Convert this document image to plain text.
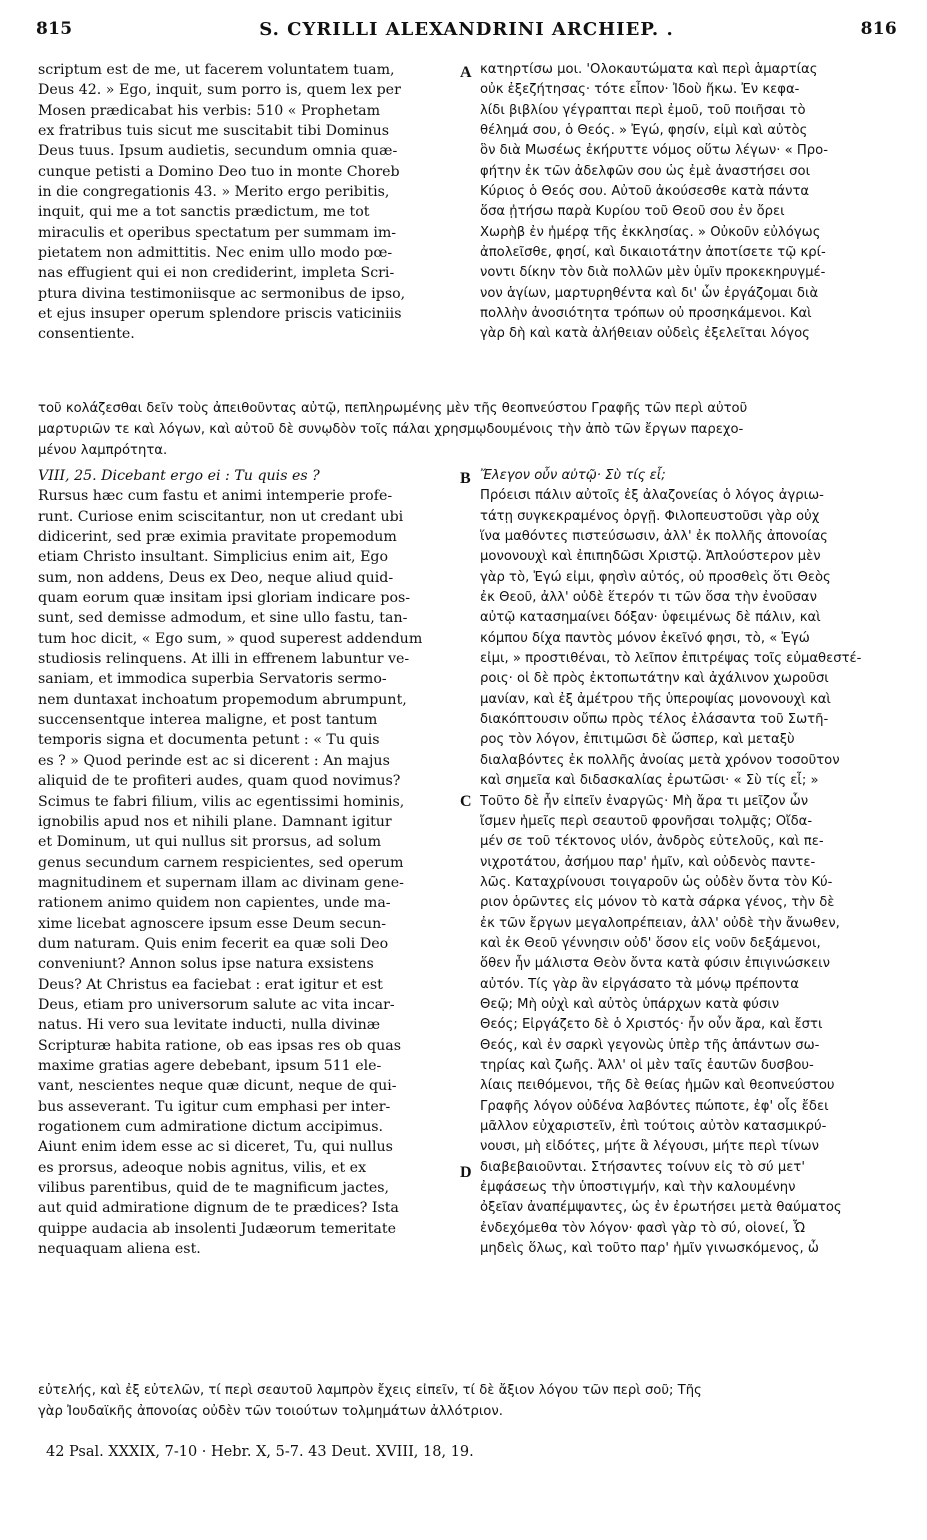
815	S. CYRILLI ALEXANDRINI ARCHIEP. .	816
scriptum est de me, ut facerem voluntatem tuam,
Deus 42. » Ego, inquit, sum porro is, quem lex per
Mosen prædicabat his verbis: 510 « Prophetam
ex fratribus tuis sicut me suscitabit tibi Dominus
Deus tuus. Ipsum audietis, secundum omnia quæ-
cunque petisti a Domino Deo tuo in monte Choreb
in die congregationis 43. » Merito ergo peribitis,
inquit, qui me a tot sanctis prædictum, me tot
miraculis et operibus spectatum per summam im-
pietatem non admittitis. Nec enim ullo modo pœ-
nas effugient qui ei non crediderint, impleta Scri-
ptura divina testimoniisque ac sermonibus de ipso,
et ejus insuper operum splendore priscis vaticiniis
consentiente.
κατηρτίσω μοι. 'Ολοκαυτώματα καὶ περὶ ἁμαρτίας
οὐκ ἐξεζήτησας· τότε εἶπον· Ἰδοὺ ἥκω. Ἐν κεφα-
λίδι βιβλίου γέγραπται περὶ ἐμοῦ, τοῦ ποιῆσαι τὸ
θέλημά σου, ὁ Θεός. » Ἐγώ, φησίν, εἰμὶ καὶ αὐτὸς
ὃν διὰ Μωσέως ἐκήρυττε νόμος οὕτω λέγων· « Προ-
φήτην ἐκ τῶν ἀδελφῶν σου ὡς ἐμὲ ἀναστήσει σοι
Κύριος ὁ Θεός σου. Αὐτοῦ ἀκούσεσθε κατὰ πάντα
ὅσα ᾐτήσω παρὰ Κυρίου τοῦ Θεοῦ σου ἐν ὄρει
Χωρὴβ ἐν ἡμέρᾳ τῆς ἐκκλησίας. » Οὐκοῦν εὐλόγως
ἀπολεῖσθε, φησί, καὶ δικαιοτάτην ἀποτίσετε τῷ κρί-
νοντι δίκην τὸν διὰ πολλῶν μὲν ὑμῖν προκεκηρυγμέ-
νον ἁγίων, μαρτυρηθέντα καὶ δι' ὧν ἐργάζομαι διὰ
πολλὴν ἀνοσιότητα τρόπων οὐ προσηκάμενοι. Καὶ
γὰρ δὴ καὶ κατὰ ἀλήθειαν οὐδεὶς ἐξελεῖται λόγος
τοῦ κολάζεσθαι δεῖν τοὺς ἀπειθοῦντας αὐτῷ, πεπληρωμένης μὲν τῆς θεοπνεύστου Γραφῆς τῶν περὶ αὐτοῦ
μαρτυριῶν τε καὶ λόγων, καὶ αὐτοῦ δὲ συνῳδὸν τοῖς πάλαι χρησμῳδουμένοις τὴν ἀπὸ τῶν ἔργων παρεχο-
μένου λαμπρότητα.
VIII, 25. Dicebant ergo ei : Tu quis es ?
Rursus hæc cum fastu et animi intemperie profe-
runt. Curiose enim sciscitantur, non ut credant ubi
didicerint, sed præ eximia pravitate propemodum
etiam Christo insultant. Simplicius enim ait, Ego
sum, non addens, Deus ex Deo, neque aliud quid-
quam eorum quæ insitam ipsi gloriam indicare pos-
sunt, sed demisse admodum, et sine ullo fastu, tan-
tum hoc dicit, « Ego sum, » quod superest addendum
studiosis relinquens. At illi in effrenem labuntur ve-
saniam, et immodica superbia Servatoris sermo-
nem duntaxat inchoatum propemodum abrumpunt,
succensentque interea maligne, et post tantum
temporis signa et documenta petunt : « Tu quis
es ? » Quod perinde est ac si dicerent : An majus
aliquid de te profiteri audes, quam quod novimus?
Scimus te fabri filium, vilis ac egentissimi hominis,
ignobilis apud nos et nihili plane. Damnant igitur
et Dominum, ut qui nullus sit prorsus, ad solum
genus secundum carnem respicientes, sed operum
magnitudinem et supernam illam ac divinam gene-
rationem animo quidem non capientes, unde ma-
xime licebat agnoscere ipsum esse Deum secun-
dum naturam. Quis enim fecerit ea quæ soli Deo
conveniunt? Annon solus ipse natura exsistens
Deus? At Christus ea faciebat : erat igitur et est
Deus, etiam pro universorum salute ac vita incar-
natus. Hi vero sua levitate inducti, nulla divinæ
Scripturæ habita ratione, ob eas ipsas res ob quas
maxime gratias agere debebant, ipsum 511 ele-
vant, nescientes neque quæ dicunt, neque de qui-
bus asseverant. Tu igitur cum emphasi per inter-
rogationem cum admiratione dictum accipimus.
Aiunt enim idem esse ac si diceret, Tu, qui nullus
es prorsus, adeoque nobis agnitus, vilis, et ex
vilibus parentibus, quid de te magnificum jactes,
aut quid admiratione dignum de te prædices? Ista
quippe audacia ab insolenti Judæorum temeritate
nequaquam aliena est.
Ἔλεγον οὖν αὐτῷ· Σὺ τίς εἶ;
Πρόεισι πάλιν αὐτοῖς ἐξ ἀλαζονείας ὁ λόγος ἀγριω-
τάτῃ συγκεκραμένος ὀργῇ. Φιλοπευστοῦσι γὰρ οὐχ
ἵνα μαθόντες πιστεύσωσιν, ἀλλ' ἐκ πολλῆς ἀπονοίας
μονονουχὶ καὶ ἐπιπηδῶσι Χριστῷ. Ἁπλούστερον μὲν
γὰρ τὸ, Ἐγώ εἰμι, φησὶν αὐτός, οὐ προσθεὶς ὅτι Θεὸς
ἐκ Θεοῦ, ἀλλ' οὐδὲ ἕτερόν τι τῶν ὅσα τὴν ἐνοῦσαν
αὐτῷ κατασημαίνει δόξαν· ὑφειμένως δὲ πάλιν, καὶ
κόμπου δίχα παντὸς μόνον ἐκεῖνό φησι, τὸ, « Ἐγώ
εἰμι, » προστιθέναι, τὸ λεῖπον ἐπιτρέψας τοῖς εὐμαθεστέ-
ροις· οἱ δὲ πρὸς ἐκτοπωτάτην καὶ ἀχάλινον χωροῦσι
μανίαν, καὶ ἐξ ἀμέτρου τῆς ὑπεροψίας μονονουχὶ καὶ
διακόπτουσιν οὔπω πρὸς τέλος ἐλάσαντα τοῦ Σωτῆ-
ρος τὸν λόγον, ἐπιτιμῶσι δὲ ὥσπερ, καὶ μεταξὺ
διαλαβόντες ἐκ πολλῆς ἀνοίας μετὰ χρόνον τοσοῦτον
καὶ σημεῖα καὶ διδασκαλίας ἐρωτῶσι· « Σὺ τίς εἶ; »
Τοῦτο δὲ ἦν εἰπεῖν ἐναργῶς· Μὴ ἄρα τι μεῖζον ὧν
ἴσμεν ἡμεῖς περὶ σεαυτοῦ φρονῆσαι τολμᾷς; Οἴδα-
μέν σε τοῦ τέκτονος υἱόν, ἀνδρὸς εὐτελοῦς, καὶ πε-
νιχροτάτου, ἀσήμου παρ' ἡμῖν, καὶ οὐδενὸς παντε-
λῶς. Καταχρίνουσι τοιγαροῦν ὡς οὐδὲν ὄντα τὸν Κύ-
ριον ὁρῶντες εἰς μόνον τὸ κατὰ σάρκα γένος, τὴν δὲ
ἐκ τῶν ἔργων μεγαλοπρέπειαν, ἀλλ' οὐδὲ τὴν ἄνωθεν,
καὶ ἐκ Θεοῦ γέννησιν οὐδ' ὅσον εἰς νοῦν δεξάμενοι,
ὅθεν ἦν μάλιστα Θεὸν ὄντα κατὰ φύσιν ἐπιγινώσκειν
αὐτόν. Τίς γὰρ ἂν εἰργάσατο τὰ μόνῳ πρέποντα
Θεῷ; Μὴ οὐχὶ καὶ αὐτὸς ὑπάρχων κατὰ φύσιν
Θεός; Εἰργάζετο δὲ ὁ Χριστός· ἦν οὖν ἄρα, καὶ ἔστι
Θεός, καὶ ἐν σαρκὶ γεγονὼς ὑπὲρ τῆς ἁπάντων σω-
τηρίας καὶ ζωῆς. Ἀλλ' οἱ μὲν ταῖς ἑαυτῶν δυσβου-
λίαις πειθόμενοι, τῆς δὲ θείας ἡμῶν καὶ θεοπνεύστου
Γραφῆς λόγον οὐδένα λαβόντες πώποτε, ἐφ' οἷς ἔδει
μᾶλλον εὐχαριστεῖν, ἐπὶ τούτοις αὐτὸν κατασμικρύ-
νουσι, μὴ εἰδότες, μήτε ἃ λέγουσι, μήτε περὶ τίνων
διαβεβαιοῦνται. Στήσαντες τοίνυν εἰς τὸ σύ μετ'
ἐμφάσεως τὴν ὑποστιγμήν, καὶ τὴν καλουμένην
ὀξεῖαν ἀναπέμψαντες, ὡς ἐν ἐρωτήσει μετὰ θαύματος
ἐνδεχόμεθα τὸν λόγον· φασὶ γὰρ τὸ σύ, οἱονεί, Ὦ
μηδεὶς ὅλως, καὶ τοῦτο παρ' ἡμῖν γινωσκόμενος, ὦ
εὐτελής, καὶ ἐξ εὐτελῶν, τί περὶ σεαυτοῦ λαμπρὸν ἔχεις εἰπεῖν, τί δὲ ἄξιον λόγου τῶν περὶ σοῦ; Τῆς
γὰρ Ἰουδαϊκῆς ἀπονοίας οὐδὲν τῶν τοιούτων τολμημάτων ἀλλότριον.
A
B
C
D
42 Psal. XXXIX, 7-10 · Hebr. X, 5-7. 43 Deut. XVIII, 18, 19.
